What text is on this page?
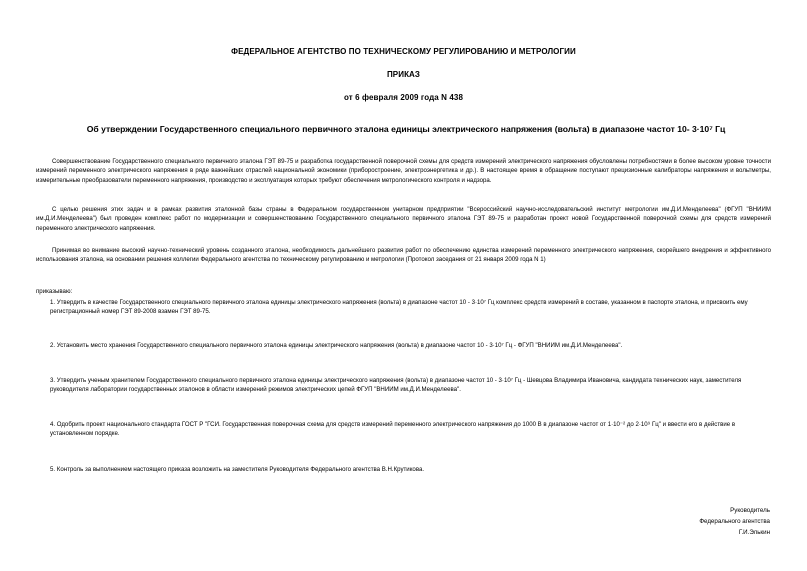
ФЕДЕРАЛЬНОЕ АГЕНТСТВО ПО ТЕХНИЧЕСКОМУ РЕГУЛИРОВАНИЮ И МЕТРОЛОГИИ
ПРИКАЗ
от 6 февраля 2009 года N 438
Об утверждении Государственного специального первичного эталона единицы электрического напряжения (вольта) в диапазоне частот 10- 3·10⁷ Гц
Совершенствование Государственного специального первичного эталона ГЭТ 89-75 и разработка государственной поверочной схемы для средств измерений электрического напряжения обусловлены потребностями в более высоком уровне точности измерений переменного электрического напряжения в ряде важнейших отраслей национальной экономики (приборостроение, электроэнергетика и др.). В настоящее время в обращение поступают прецизионные калибраторы напряжения и вольтметры, измерительные преобразователи переменного напряжения, производство и эксплуатация которых требуют обеспечения метрологического контроля и надзора.
С целью решения этих задач и в рамках развития эталонной базы страны в Федеральном государственном унитарном предприятии "Всероссийский научно-исследовательский институт метрологии им.Д.И.Менделеева" (ФГУП "ВНИИМ им.Д.И.Менделеева") был проведен комплекс работ по модернизации и совершенствованию Государственного специального первичного эталона ГЭТ 89-75 и разработан проект новой Государственной поверочной схемы для средств измерений переменного электрического напряжения.
Принимая во внимание высокий научно-технический уровень созданного эталона, необходимость дальнейшего развития работ по обеспечению единства измерений переменного электрического напряжения, скорейшего внедрения и эффективного использования эталона, на основании решения коллегии Федерального агентства по техническому регулированию и метрологии (Протокол заседания от 21 января 2009 года N 1)
приказываю:
1. Утвердить в качестве Государственного специального первичного эталона единицы электрического напряжения (вольта) в диапазоне частот 10 - 3·10⁷ Гц комплекс средств измерений в составе, указанном в паспорте эталона, и присвоить ему регистрационный номер ГЭТ 89-2008 взамен ГЭТ 89-75.
2. Установить место хранения Государственного специального первичного эталона единицы электрического напряжения (вольта) в диапазоне частот 10 - 3·10⁷ Гц - ФГУП "ВНИИМ им.Д.И.Менделеева".
3. Утвердить ученым хранителем Государственного специального первичного эталона единицы электрического напряжения (вольта) в диапазоне частот 10 - 3·10⁷ Гц - Шевцова Владимира Ивановича, кандидата технических наук, заместителя руководителя лаборатории государственных эталонов в области измерений режимов электрических цепей ФГУП "ВНИИМ им.Д.И.Менделеева".
4. Одобрить проект национального стандарта ГОСТ Р "ГСИ. Государственная поверочная схема для средств измерений переменного электрического напряжения до 1000 В в диапазоне частот от 1·10⁻² до 2·10⁹ Гц" и ввести его в действие в установленном порядке.
5. Контроль за выполнением настоящего приказа возложить на заместителя Руководителя Федерального агентства В.Н.Крутикова.
Руководитель
Федерального агентства
Г.И.Элькин
